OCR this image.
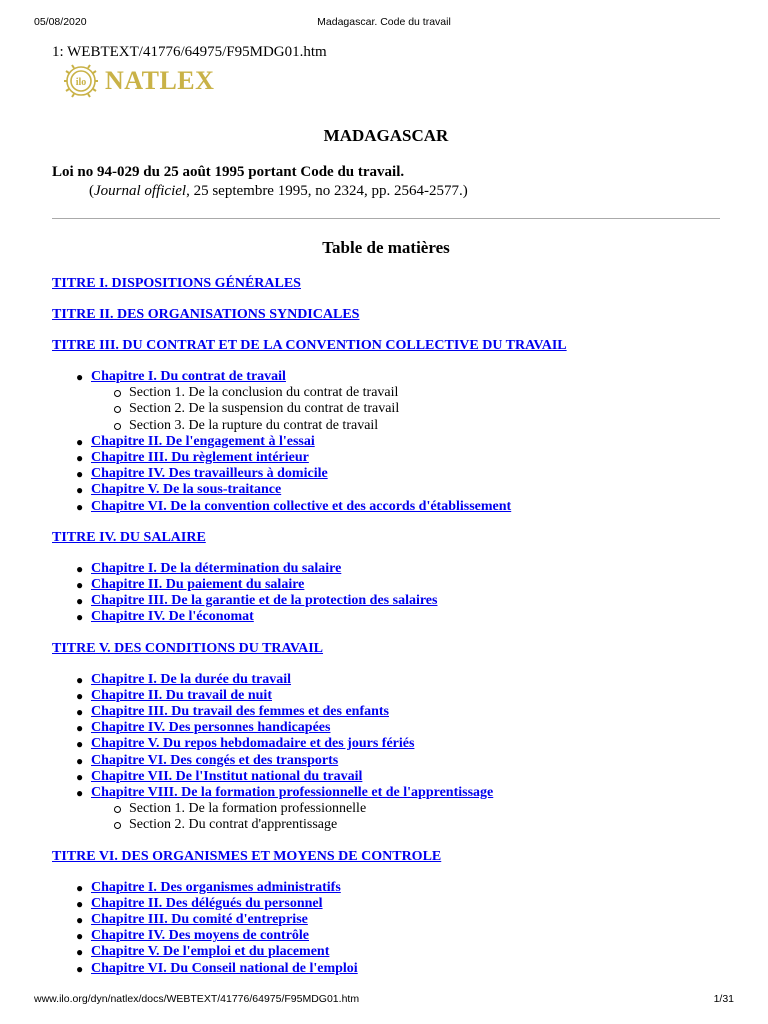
05/08/2020	Madagascar. Code du travail
1: WEBTEXT/41776/64975/F95MDG01.htm
ilo NATLEX
MADAGASCAR
Loi no 94-029 du 25 août 1995 portant Code du travail.
(Journal officiel, 25 septembre 1995, no 2324, pp. 2564-2577.)
Table de matières
TITRE I. DISPOSITIONS GÉNÉRALES
TITRE II. DES ORGANISATIONS SYNDICALES
TITRE III. DU CONTRAT ET DE LA CONVENTION COLLECTIVE DU TRAVAIL
● Chapitre I. Du contrat de travail
Section 1. De la conclusion du contrat de travail
Section 2. De la suspension du contrat de travail
Section 3. De la rupture du contrat de travail
● Chapitre II. De l'engagement à l'essai
● Chapitre III. Du règlement intérieur
● Chapitre IV. Des travailleurs à domicile
● Chapitre V. De la sous-traitance
● Chapitre VI. De la convention collective et des accords d'établissement
TITRE IV. DU SALAIRE
● Chapitre I. De la détermination du salaire
● Chapitre II. Du paiement du salaire
● Chapitre III. De la garantie et de la protection des salaires
● Chapitre IV. De l'économat
TITRE V. DES CONDITIONS DU TRAVAIL
● Chapitre I. De la durée du travail
● Chapitre II. Du travail de nuit
● Chapitre III. Du travail des femmes et des enfants
● Chapitre IV. Des personnes handicapées
● Chapitre V. Du repos hebdomadaire et des jours fériés
● Chapitre VI. Des congés et des transports
● Chapitre VII. De l'Institut national du travail
● Chapitre VIII. De la formation professionnelle et de l'apprentissage
Section 1. De la formation professionnelle
Section 2. Du contrat d'apprentissage
TITRE VI. DES ORGANISMES ET MOYENS DE CONTROLE
● Chapitre I. Des organismes administratifs
● Chapitre II. Des délégués du personnel
● Chapitre III. Du comité d'entreprise
● Chapitre IV. Des moyens de contrôle
● Chapitre V. De l'emploi et du placement
● Chapitre VI. Du Conseil national de l'emploi
www.ilo.org/dyn/natlex/docs/WEBTEXT/41776/64975/F95MDG01.htm	1/31
